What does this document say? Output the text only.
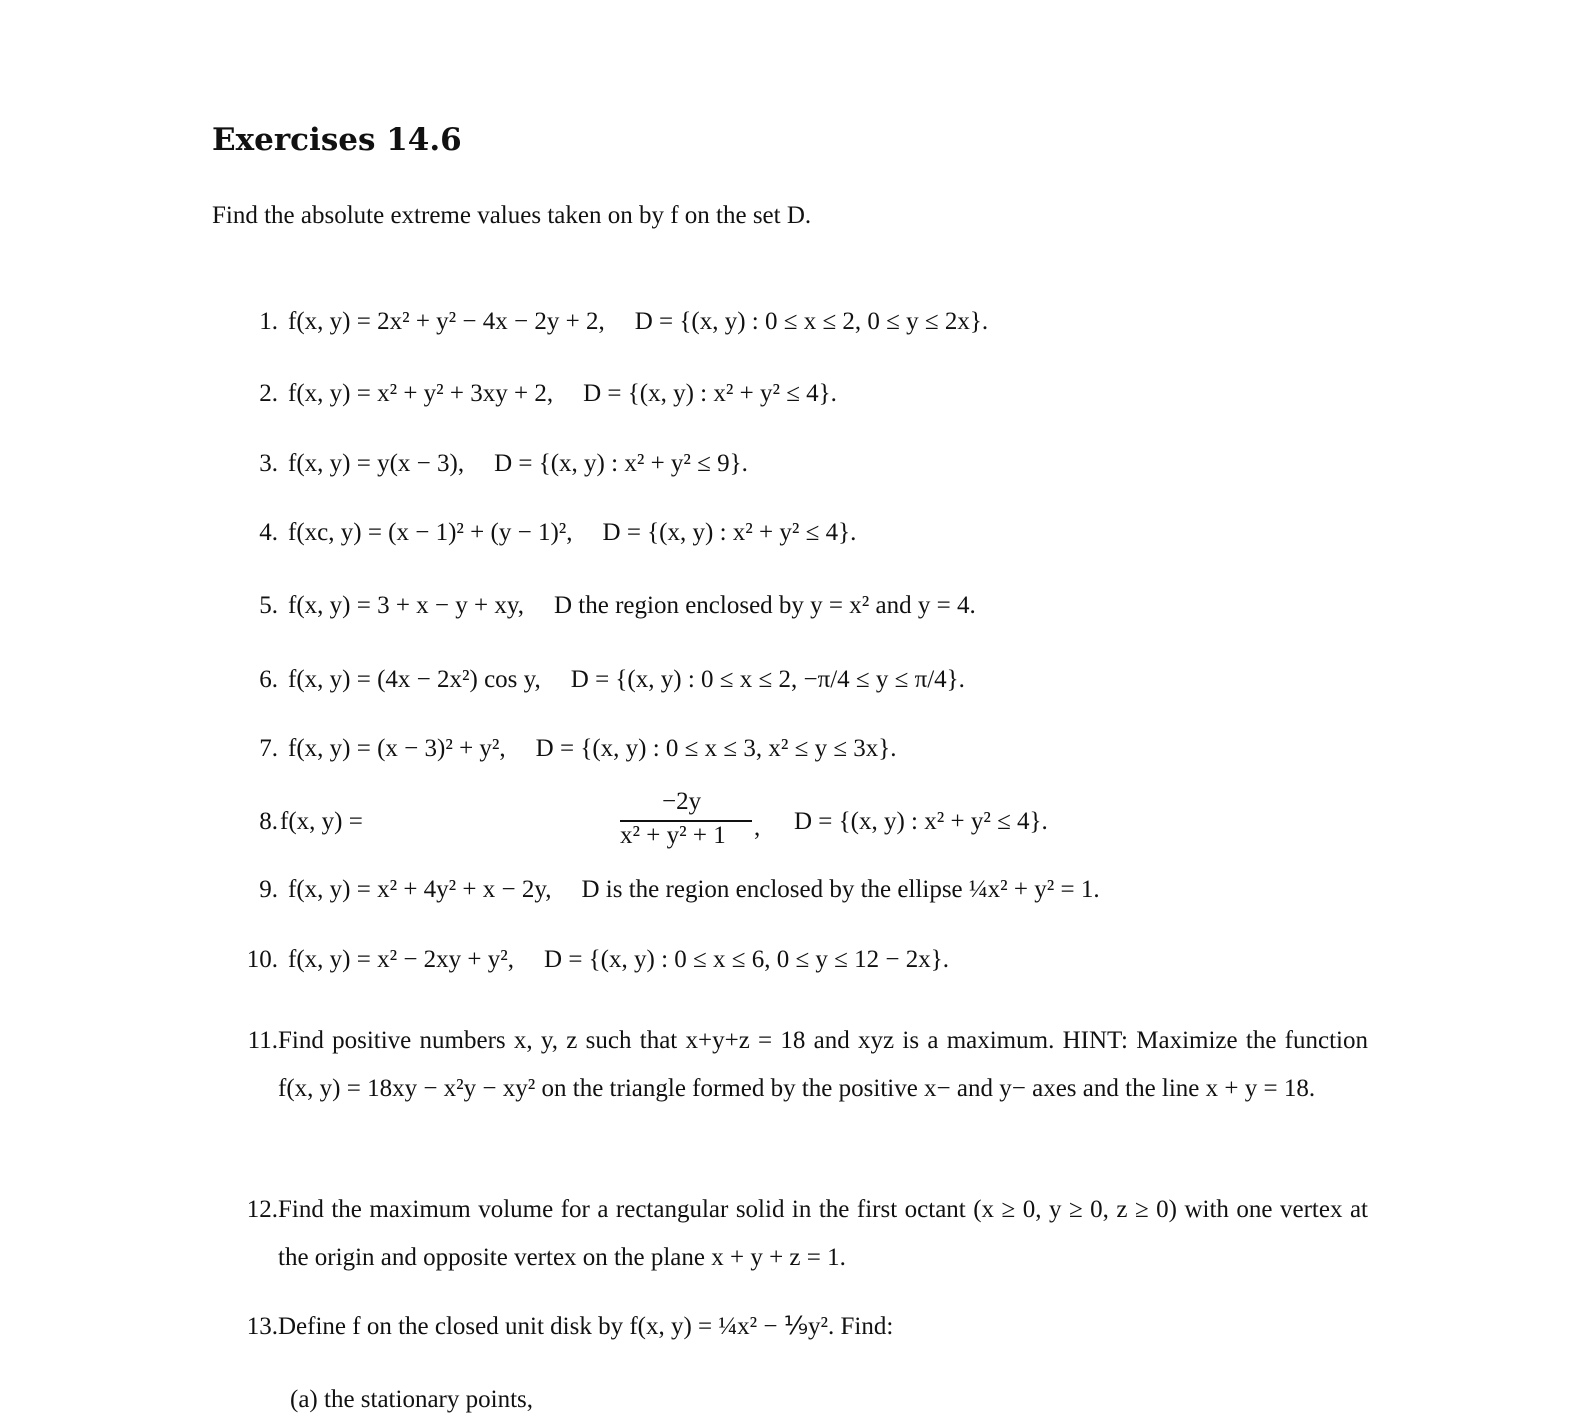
Exercises 14.6
Find the absolute extreme values taken on by f on the set D.
1. f(x, y) = 2x² + y² − 4x − 2y + 2, D = {(x, y) : 0 ≤ x ≤ 2, 0 ≤ y ≤ 2x}.
2. f(x, y) = x² + y² + 3xy + 2, D = {(x, y) : x² + y² ≤ 4}.
3. f(x, y) = y(x − 3), D = {(x, y) : x² + y² ≤ 9}.
4. f(xc, y) = (x − 1)² + (y − 1)², D = {(x, y) : x² + y² ≤ 4}.
5. f(x, y) = 3 + x − y + xy, D the region enclosed by y = x² and y = 4.
6. f(x, y) = (4x − 2x²) cos y, D = {(x, y) : 0 ≤ x ≤ 2, −π/4 ≤ y ≤ π/4}.
7. f(x, y) = (x − 3)² + y², D = {(x, y) : 0 ≤ x ≤ 3, x² ≤ y ≤ 3x}.
8. f(x, y) =
−2y
x² + y² + 1 , D = {(x, y) : x² + y² ≤ 4}.
9. f(x, y) = x² + 4y² + x − 2y, D is the region enclosed by the ellipse ¼x² + y² = 1.
10. f(x, y) = x² − 2xy + y², D = {(x, y) : 0 ≤ x ≤ 6, 0 ≤ y ≤ 12 − 2x}.
11. Find positive numbers x, y, z such that x+y+z = 18 and xyz is a maximum. HINT: Maximize the function f(x, y) = 18xy − x²y − xy² on the triangle formed by the positive x− and y− axes and the line x + y = 18.
12. Find the maximum volume for a rectangular solid in the first octant (x ≥ 0, y ≥ 0, z ≥ 0) with one vertex at the origin and opposite vertex on the plane x + y + z = 1.
13. Define f on the closed unit disk by f(x, y) = ¼x² − ⅑y². Find:
(a) the stationary points,
